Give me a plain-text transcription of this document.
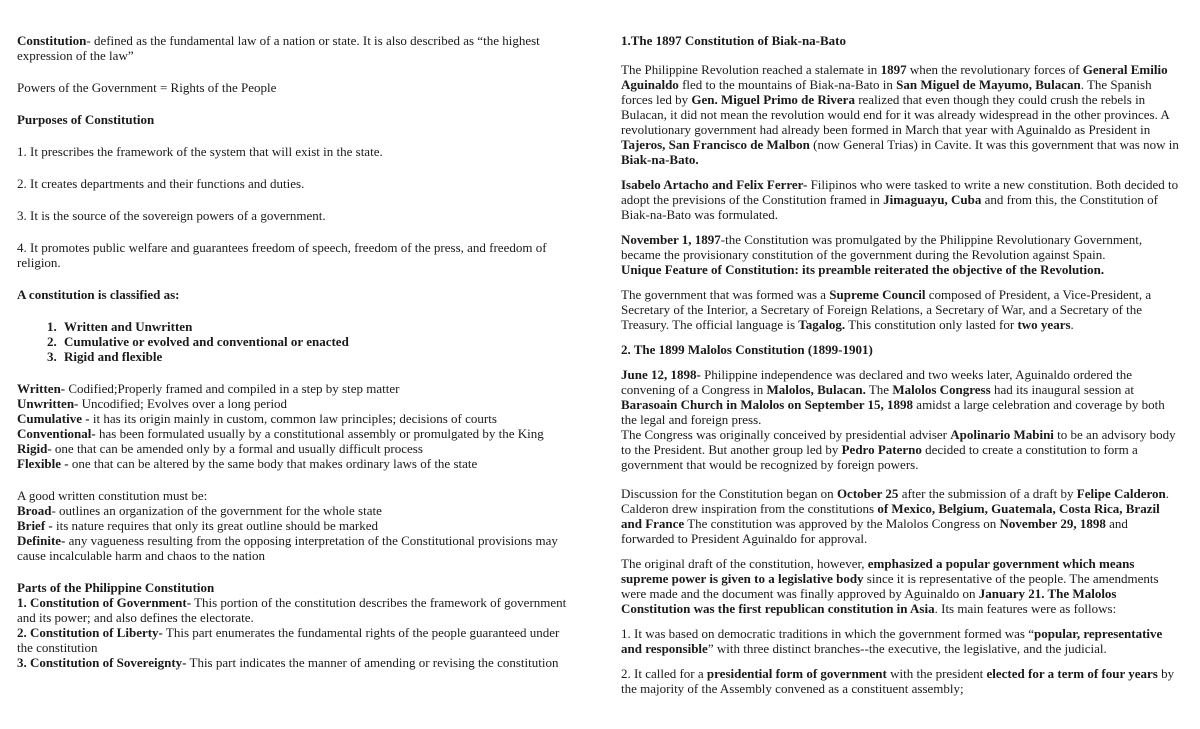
Constitution- defined as the fundamental law of a nation or state. It is also described as “the highest expression of the law”

Powers of the Government = Rights of the People

Purposes of Constitution

1. It prescribes the framework of the system that will exist in the state.

2. It creates departments and their functions and duties.

3. It is the source of the sovereign powers of a government.

4. It promotes public welfare and guarantees freedom of speech, freedom of the press, and freedom of religion.

A constitution is classified as:

1. Written and Unwritten
2. Cumulative or evolved and conventional or enacted
3. Rigid and flexible

Written- Codified;Properly framed and compiled in a step by step matter

Unwritten- Uncodified; Evolves over a long period

Cumulative - it has its origin mainly in custom, common law principles; decisions of courts

Conventional- has been formulated usually by a constitutional assembly or promulgated by the King

Rigid- one that can be amended only by a formal and usually difficult process

Flexible - one that can be altered by the same body that makes ordinary laws of the state

A good written constitution must be:

Broad- outlines an organization of the government for the whole state

Brief - its nature requires that only its great outline should be marked

Definite- any vagueness resulting from the opposing interpretation of the Constitutional provisions may cause incalculable harm and chaos to the nation

Parts of the Philippine Constitution

1. Constitution of Government- This portion of the constitution describes the framework of government and its power; and also defines the electorate.

2. Constitution of Liberty- This part enumerates the fundamental rights of the people guaranteed under the constitution

3. Constitution of Sovereignty- This part indicates the manner of amending or revising the constitution

1.The 1897 Constitution of Biak-na-Bato

The Philippine Revolution reached a stalemate in 1897 when the revolutionary forces of General Emilio Aguinaldo fled to the mountains of Biak-na-Bato in San Miguel de Mayumo, Bulacan. The Spanish forces led by Gen. Miguel Primo de Rivera realized that even though they could crush the rebels in Bulacan, it did not mean the revolution would end for it was already widespread in the other provinces. A revolutionary government had already been formed in March that year with Aguinaldo as President in Tajeros, San Francisco de Malbon (now General Trias) in Cavite. It was this government that was now in Biak-na-Bato.

Isabelo Artacho and Felix Ferrer- Filipinos who were tasked to write a new constitution. Both decided to adopt the previsions of the Constitution framed in Jimaguayu, Cuba and from this, the Constitution of Biak-na-Bato was formulated.

November 1, 1897-the Constitution was promulgated by the Philippine Revolutionary Government, became the provisionary constitution of the government during the Revolution against Spain.

Unique Feature of Constitution: its preamble reiterated the objective of the Revolution.

The government that was formed was a Supreme Council composed of President, a Vice-President, a Secretary of the Interior, a Secretary of Foreign Relations, a Secretary of War, and a Secretary of the Treasury. The official language is Tagalog. This constitution only lasted for two years.

2. The 1899 Malolos Constitution (1899-1901)

June 12, 1898- Philippine independence was declared and two weeks later, Aguinaldo ordered the convening of a Congress in Malolos, Bulacan. The Malolos Congress had its inaugural session at Barasoain Church in Malolos on September 15, 1898 amidst a large celebration and coverage by both the legal and foreign press.

The Congress was originally conceived by presidential adviser Apolinario Mabini to be an advisory body to the President. But another group led by Pedro Paterno decided to create a constitution to form a government that would be recognized by foreign powers.

Discussion for the Constitution began on October 25 after the submission of a draft by Felipe Calderon. Calderon drew inspiration from the constitutions of Mexico, Belgium, Guatemala, Costa Rica, Brazil and France The constitution was approved by the Malolos Congress on November 29, 1898 and forwarded to President Aguinaldo for approval.

The original draft of the constitution, however, emphasized a popular government which means supreme power is given to a legislative body since it is representative of the people. The amendments were made and the document was finally approved by Aguinaldo on January 21. The Malolos Constitution was the first republican constitution in Asia. Its main features were as follows:

1. It was based on democratic traditions in which the government formed was “popular, representative and responsible” with three distinct branches--the executive, the legislative, and the judicial.

2. It called for a presidential form of government with the president elected for a term of four years by the majority of the Assembly convened as a constituent assembly;
